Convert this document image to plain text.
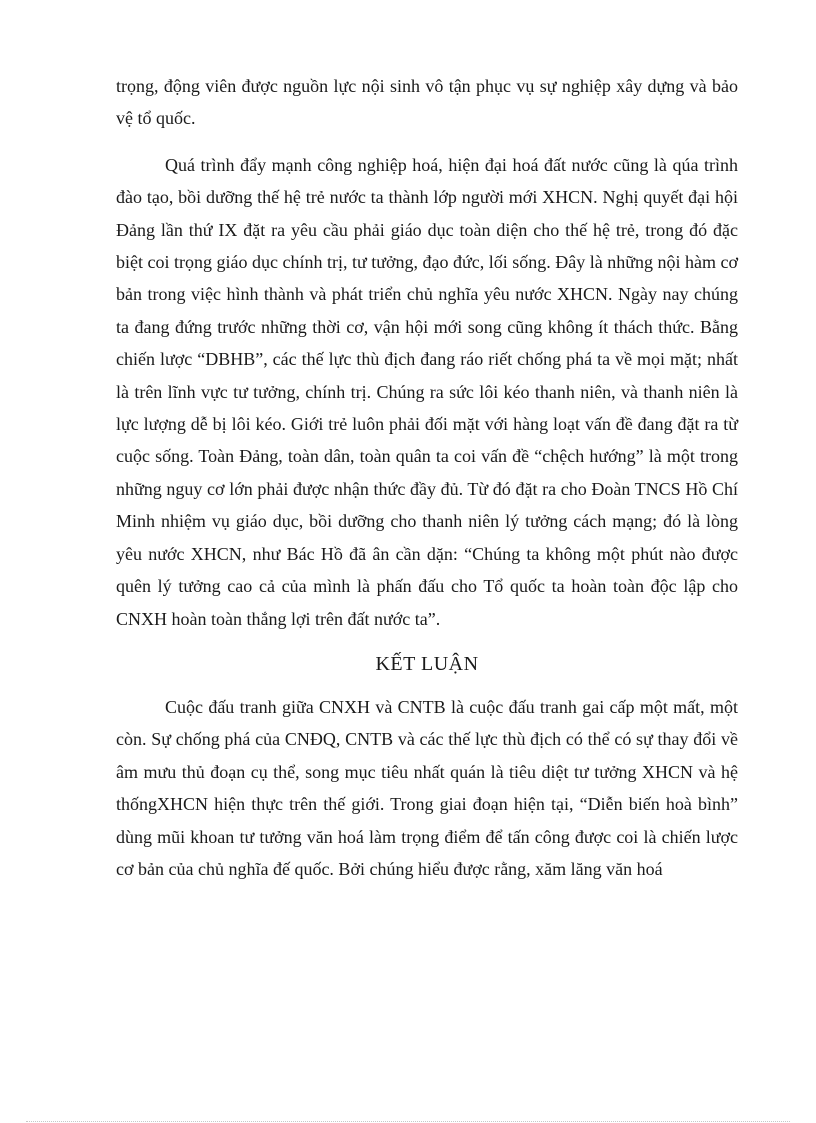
trọng, động viên được nguồn lực nội sinh vô tận phục vụ sự nghiệp xây dựng và bảo vệ tổ quốc.

Quá trình đẩy mạnh công nghiệp hoá, hiện đại hoá đất nước cũng là qúa trình đào tạo, bồi dưỡng thế hệ trẻ nước ta thành lớp người mới XHCN. Nghị quyết đại hội Đảng lần thứ IX đặt ra yêu cầu phải giáo dục toàn diện cho thế hệ trẻ, trong đó đặc biệt coi trọng giáo dục chính trị, tư tưởng, đạo đức, lối sống. Đây là những nội hàm cơ bản trong việc hình thành và phát triển chủ nghĩa yêu nước XHCN. Ngày nay chúng ta đang đứng trước những thời cơ, vận hội mới song cũng không ít thách thức. Bằng chiến lược “DBHB”, các thế lực thù địch đang ráo riết chống phá ta về mọi mặt; nhất là trên lĩnh vực tư tưởng, chính trị. Chúng ra sức lôi kéo thanh niên, và thanh niên là lực lượng dễ bị lôi kéo. Giới trẻ luôn phải đối mặt với hàng loạt vấn đề đang đặt ra từ cuộc sống. Toàn Đảng, toàn dân, toàn quân ta coi vấn đề “chệch hướng” là một trong những nguy cơ lớn phải được nhận thức đầy đủ. Từ đó đặt ra cho Đoàn TNCS Hồ Chí Minh nhiệm vụ giáo dục, bồi dưỡng cho thanh niên lý tưởng cách mạng; đó là lòng yêu nước XHCN, như Bác Hồ đã ân cần dặn: “Chúng ta không một phút nào được quên lý tưởng cao cả của mình là phấn đấu cho Tổ quốc ta hoàn toàn độc lập cho CNXH hoàn toàn thắng lợi trên đất nước ta”.

KẾT LUẬN

Cuộc đấu tranh giữa CNXH và CNTB là cuộc đấu tranh gai cấp một mất, một còn. Sự chống phá của CNĐQ, CNTB và các thế lực thù địch có thể có sự thay đổi về âm mưu thủ đoạn cụ thể, song mục tiêu nhất quán là tiêu diệt tư tưởng XHCN và hệ thốngXHCN hiện thực trên thế giới. Trong giai đoạn hiện tại, “Diễn biến hoà bình” dùng mũi khoan tư tưởng văn hoá làm trọng điểm để tấn công được coi là chiến lược cơ bản của chủ nghĩa đế quốc. Bởi chúng hiểu được rằng, xăm lăng văn hoá
